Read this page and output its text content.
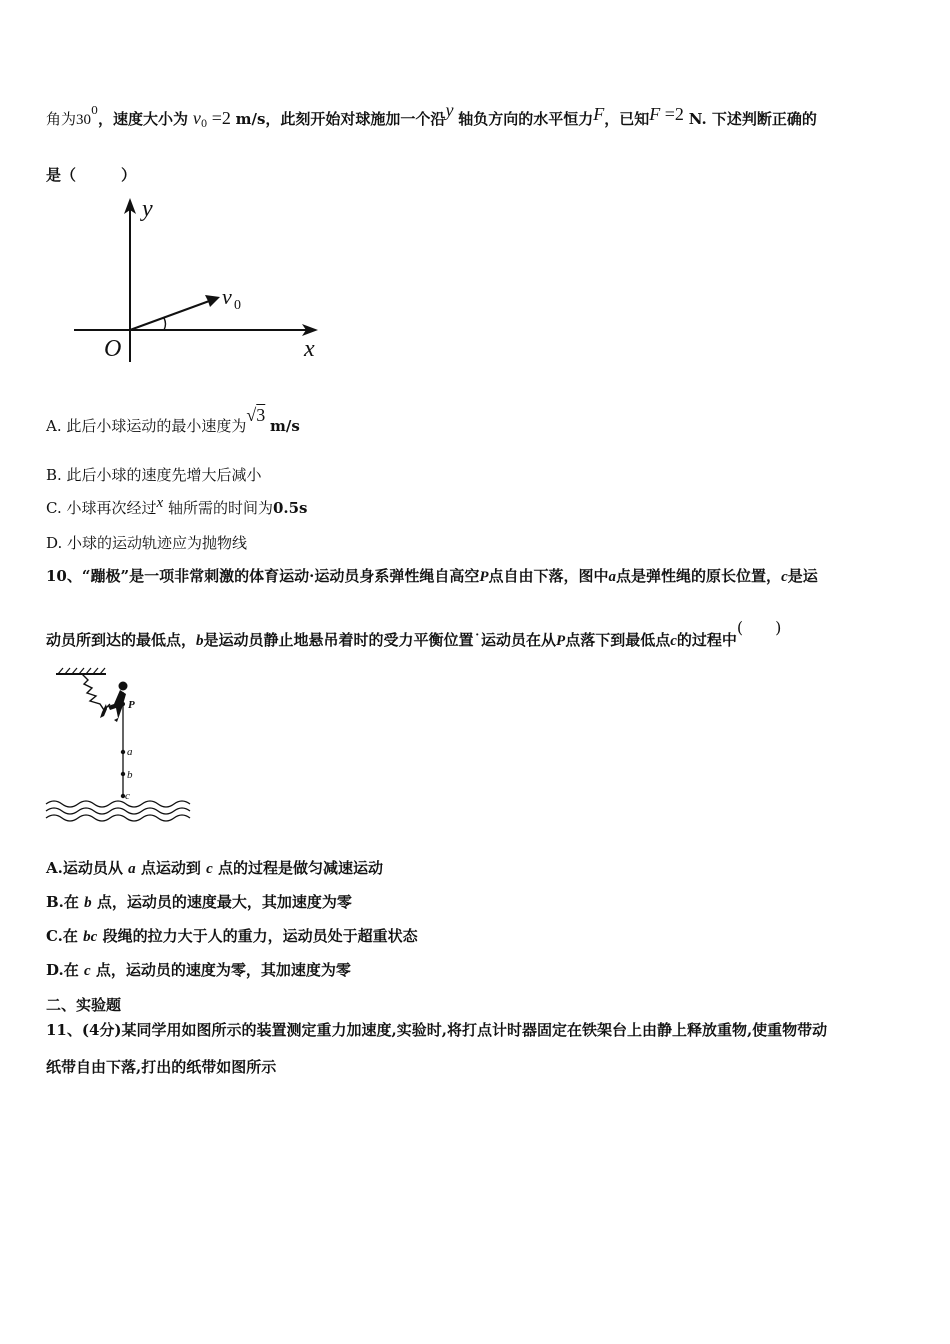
角为$30^0$，速度大小为 $v_0 =2$ m/s，此刻开始对球施加一个沿y 轴负方向的水平恒力F，已知F =2 N. 下述判断正确的
是（　　　）
y
x
O
v 0
A. 此后小球运动的最小速度为√3 m/s
B. 此后小球的速度先增大后减小
C. 小球再次经过x 轴所需的时间为0.5s
D. 小球的运动轨迹应为抛物线
10、“蹦极”是一项非常刺激的体育运动·运动员身系弹性绳自高空P点自由下落，图中a点是弹性绳的原长位置，c是运
动员所到达的最低点，b是运动员静止地悬吊着时的受力平衡位置˙运动员在从P点落下到最低点c的过程中(　　)
P
a
b
c
A.运动员从 a 点运动到 c 点的过程是做匀减速运动
B.在 b 点，运动员的速度最大，其加速度为零
C.在 bc 段绳的拉力大于人的重力，运动员处于超重状态
D.在 c 点，运动员的速度为零，其加速度为零
二、实验题
11、(4分)某同学用如图所示的装置测定重力加速度,实验时,将打点计时器固定在铁架台上由静上释放重物,使重物带动
纸带自由下落,打出的纸带如图所示
